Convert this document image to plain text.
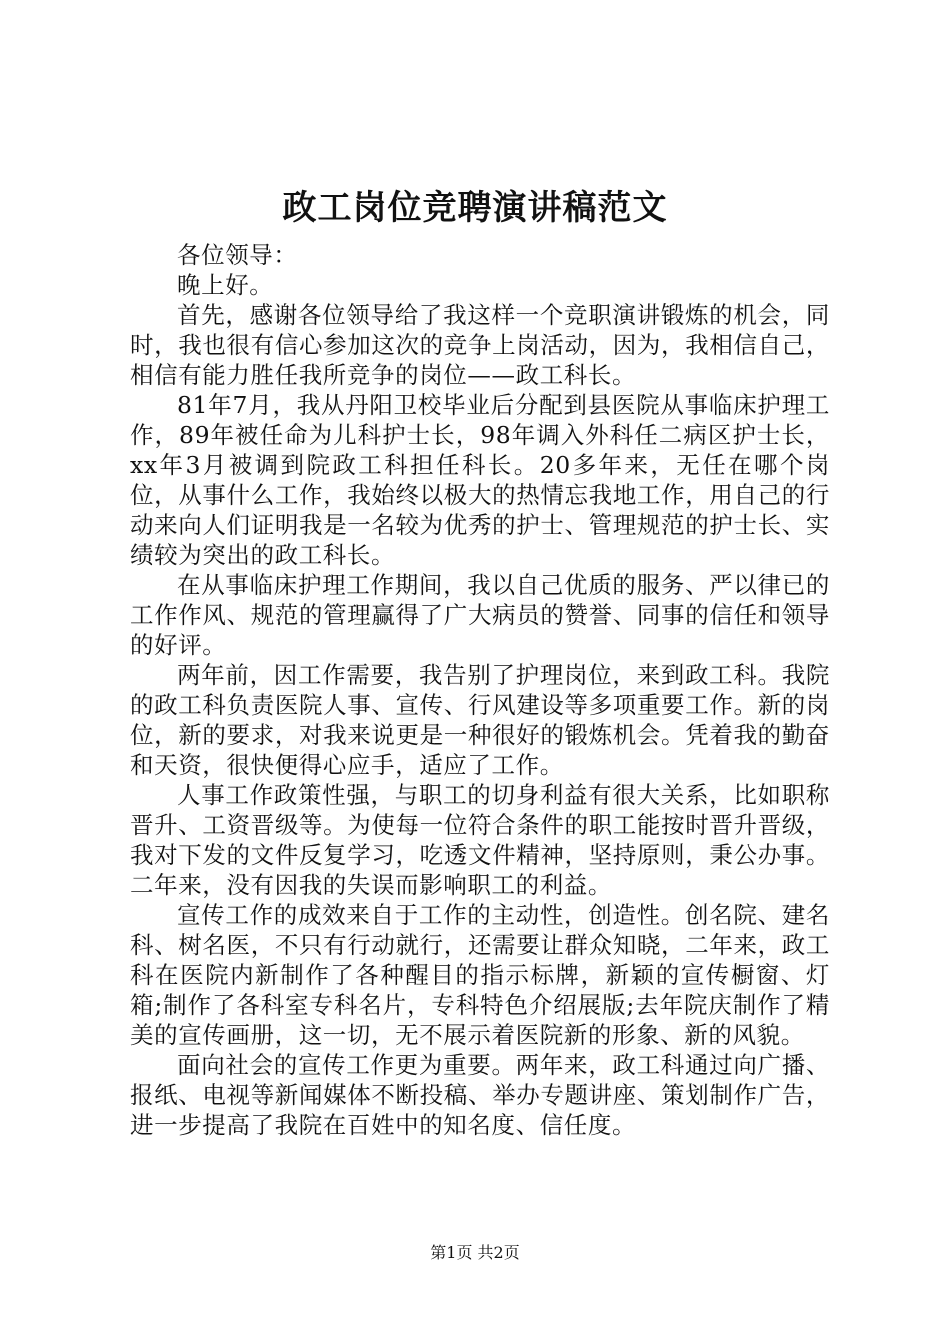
政工岗位竞聘演讲稿范文

各位领导：

晚上好。

首先，感谢各位领导给了我这样一个竞职演讲锻炼的机会，同时，我也很有信心参加这次的竞争上岗活动，因为，我相信自己，相信有能力胜任我所竞争的岗位——政工科长。

81年7月，我从丹阳卫校毕业后分配到县医院从事临床护理工作，89年被任命为儿科护士长，98年调入外科任二病区护士长，xx年3月被调到院政工科担任科长。20多年来，无任在哪个岗位，从事什么工作，我始终以极大的热情忘我地工作，用自己的行动来向人们证明我是一名较为优秀的护士、管理规范的护士长、实绩较为突出的政工科长。

在从事临床护理工作期间，我以自己优质的服务、严以律已的工作作风、规范的管理赢得了广大病员的赞誉、同事的信任和领导的好评。

两年前，因工作需要，我告别了护理岗位，来到政工科。我院的政工科负责医院人事、宣传、行风建设等多项重要工作。新的岗位，新的要求，对我来说更是一种很好的锻炼机会。凭着我的勤奋和天资，很快便得心应手，适应了工作。

人事工作政策性强，与职工的切身利益有很大关系，比如职称晋升、工资晋级等。为使每一位符合条件的职工能按时晋升晋级，我对下发的文件反复学习，吃透文件精神，坚持原则，秉公办事。二年来，没有因我的失误而影响职工的利益。

宣传工作的成效来自于工作的主动性，创造性。创名院、建名科、树名医，不只有行动就行，还需要让群众知晓，二年来，政工科在医院内新制作了各种醒目的指示标牌，新颖的宣传橱窗、灯箱;制作了各科室专科名片，专科特色介绍展版;去年院庆制作了精美的宣传画册，这一切，无不展示着医院新的形象、新的风貌。

面向社会的宣传工作更为重要。两年来，政工科通过向广播、报纸、电视等新闻媒体不断投稿、举办专题讲座、策划制作广告，进一步提高了我院在百姓中的知名度、信任度。

第1页 共2页
